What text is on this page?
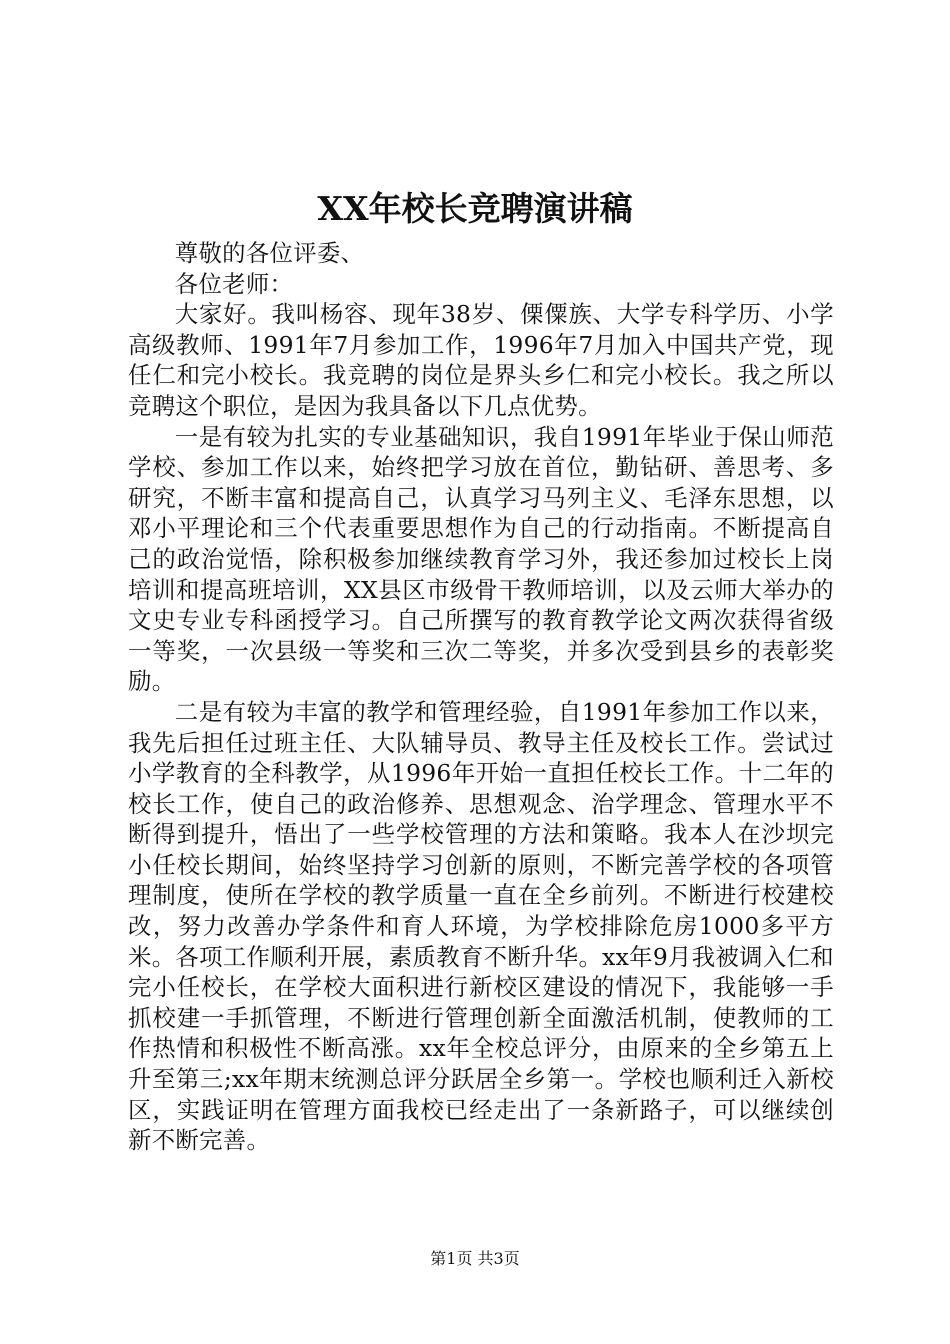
XX年校长竞聘演讲稿

尊敬的各位评委、

各位老师：

大家好。我叫杨容、现年38岁、傈僳族、大学专科学历、小学高级教师、1991年7月参加工作，1996年7月加入中国共产党，现任仁和完小校长。我竞聘的岗位是界头乡仁和完小校长。我之所以竞聘这个职位，是因为我具备以下几点优势。

一是有较为扎实的专业基础知识，我自1991年毕业于保山师范学校、参加工作以来，始终把学习放在首位，勤钻研、善思考、多研究，不断丰富和提高自己，认真学习马列主义、毛泽东思想，以邓小平理论和三个代表重要思想作为自己的行动指南。不断提高自己的政治觉悟，除积极参加继续教育学习外，我还参加过校长上岗培训和提高班培训，XX县区市级骨干教师培训，以及云师大举办的文史专业专科函授学习。自己所撰写的教育教学论文两次获得省级一等奖，一次县级一等奖和三次二等奖，并多次受到县乡的表彰奖励。

二是有较为丰富的教学和管理经验，自1991年参加工作以来，我先后担任过班主任、大队辅导员、教导主任及校长工作。尝试过小学教育的全科教学，从1996年开始一直担任校长工作。十二年的校长工作，使自己的政治修养、思想观念、治学理念、管理水平不断得到提升，悟出了一些学校管理的方法和策略。我本人在沙坝完小任校长期间，始终坚持学习创新的原则，不断完善学校的各项管理制度，使所在学校的教学质量一直在全乡前列。不断进行校建校改，努力改善办学条件和育人环境，为学校排除危房1000多平方米。各项工作顺利开展，素质教育不断升华。xx年9月我被调入仁和完小任校长，在学校大面积进行新校区建设的情况下，我能够一手抓校建一手抓管理，不断进行管理创新全面激活机制，使教师的工作热情和积极性不断高涨。xx年全校总评分，由原来的全乡第五上升至第三;xx年期末统测总评分跃居全乡第一。学校也顺利迁入新校区，实践证明在管理方面我校已经走出了一条新路子，可以继续创新不断完善。

第1页 共3页
